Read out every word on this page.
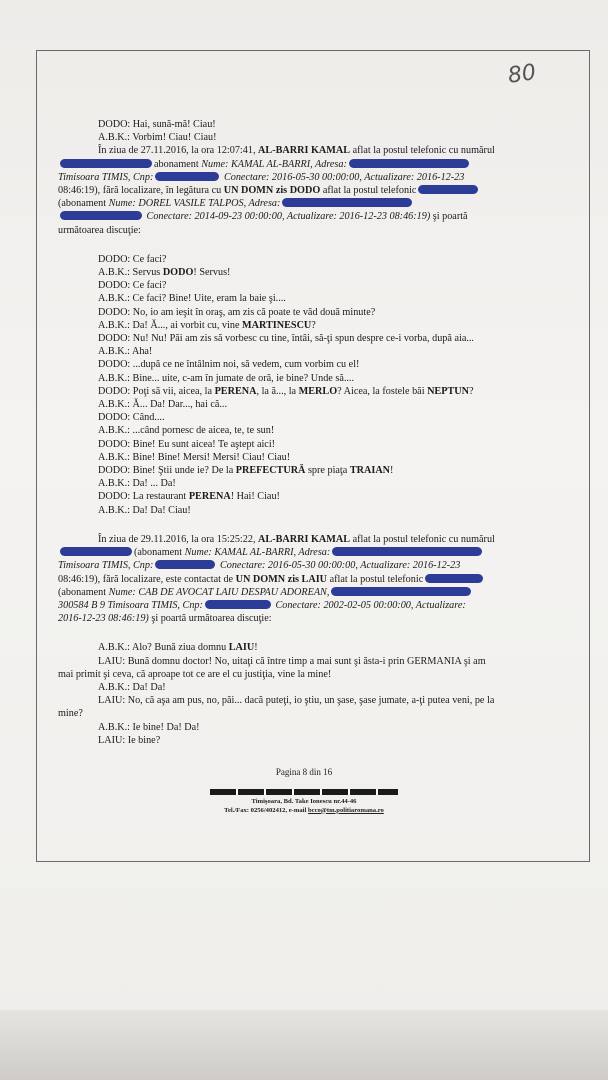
80
DODO: Hai, sună-mă! Ciau!
A.B.K.: Vorbim! Ciau! Ciau!
În ziua de 27.11.2016, la ora 12:07:41, AL-BARRI KAMAL aflat la postul telefonic cu numărul
abonament Nume: KAMAL AL-BARRI, Adresa:
Timisoara TIMIS, Cnp:	Conectare: 2016-05-30 00:00:00, Actualizare: 2016-12-23
08:46:19), fără localizare, în legătura cu UN DOMN zis DODO aflat la postul telefonic
(abonament Nume: DOREL VASILE TALPOS, Adresa:
Conectare: 2014-09-23 00:00:00, Actualizare: 2016-12-23 08:46:19) şi poartă
următoarea discuţie:
DODO: Ce faci?
A.B.K.: Servus DODO! Servus!
DODO: Ce faci?
A.B.K.: Ce faci? Bine! Uite, eram la baie şi....
DODO: No, io am ieşit în oraş, am zis că poate te văd două minute?
A.B.K.: Da! Ă..., ai vorbit cu, vine MARTINESCU?
DODO: Nu! Nu! Păi am zis să vorbesc cu tine, întâi, să-ţi spun despre ce-i vorba, după aia...
A.B.K.: Aha!
DODO: ...după ce ne întâlnim noi, să vedem, cum vorbim cu el!
A.B.K.: Bine... uite, c-am în jumate de oră, ie bine? Unde să....
DODO: Poţi să vii, aicea, la PERENA, la ă..., la MERLO? Aicea, la fostele băi NEPTUN?
A.B.K.: Ă... Da! Dar..., hai că...
DODO: Când....
A.B.K.: ...când pornesc de aicea, te, te sun!
DODO: Bine! Eu sunt aicea! Te aştept aici!
A.B.K.: Bine! Bine! Mersi! Mersi! Ciau! Ciau!
DODO: Bine! Ştii unde ie? De la PREFECTURĂ spre piaţa TRAIAN!
A.B.K.: Da! ... Da!
DODO: La restaurant PERENA! Hai! Ciau!
A.B.K.: Da! Da! Ciau!
În ziua de 29.11.2016, la ora 15:25:22, AL-BARRI KAMAL aflat la postul telefonic cu numărul
(abonament Nume: KAMAL AL-BARRI, Adresa:
Timisoara TIMIS, Cnp:	Conectare: 2016-05-30 00:00:00, Actualizare: 2016-12-23
08:46:19), fără localizare, este contactat de UN DOMN zis LAIU aflat la postul telefonic
(abonament Nume: CAB DE AVOCAT LAIU DESPAU ADOREAN,
300584 B 9 Timisoara TIMIS, Cnp:	Conectare: 2002-02-05 00:00:00, Actualizare:
2016-12-23 08:46:19) şi poartă următoarea discuţie:
A.B.K.: Alo? Bună ziua domnu LAIU!
LAIU: Bună domnu doctor! No, uitaţi că între timp a mai sunt şi ăsta-i prin GERMANIA şi am
mai primit şi ceva, că aproape tot ce are el cu justiţia, vine la mine!
A.B.K.: Da! Da!
LAIU: No, că aşa am pus, no, păi... dacă puteţi, io ştiu, un şase, şase jumate, a-ţi putea veni, pe la
mine?
A.B.K.: Ie bine! Da! Da!
LAIU: Ie bine?
Pagina 8 din 16
Timişoara, Bd. Take Ionescu nr.44-46
Tel./Fax: 0256/402412, e-mail bcco@tm.politiaromana.ro
